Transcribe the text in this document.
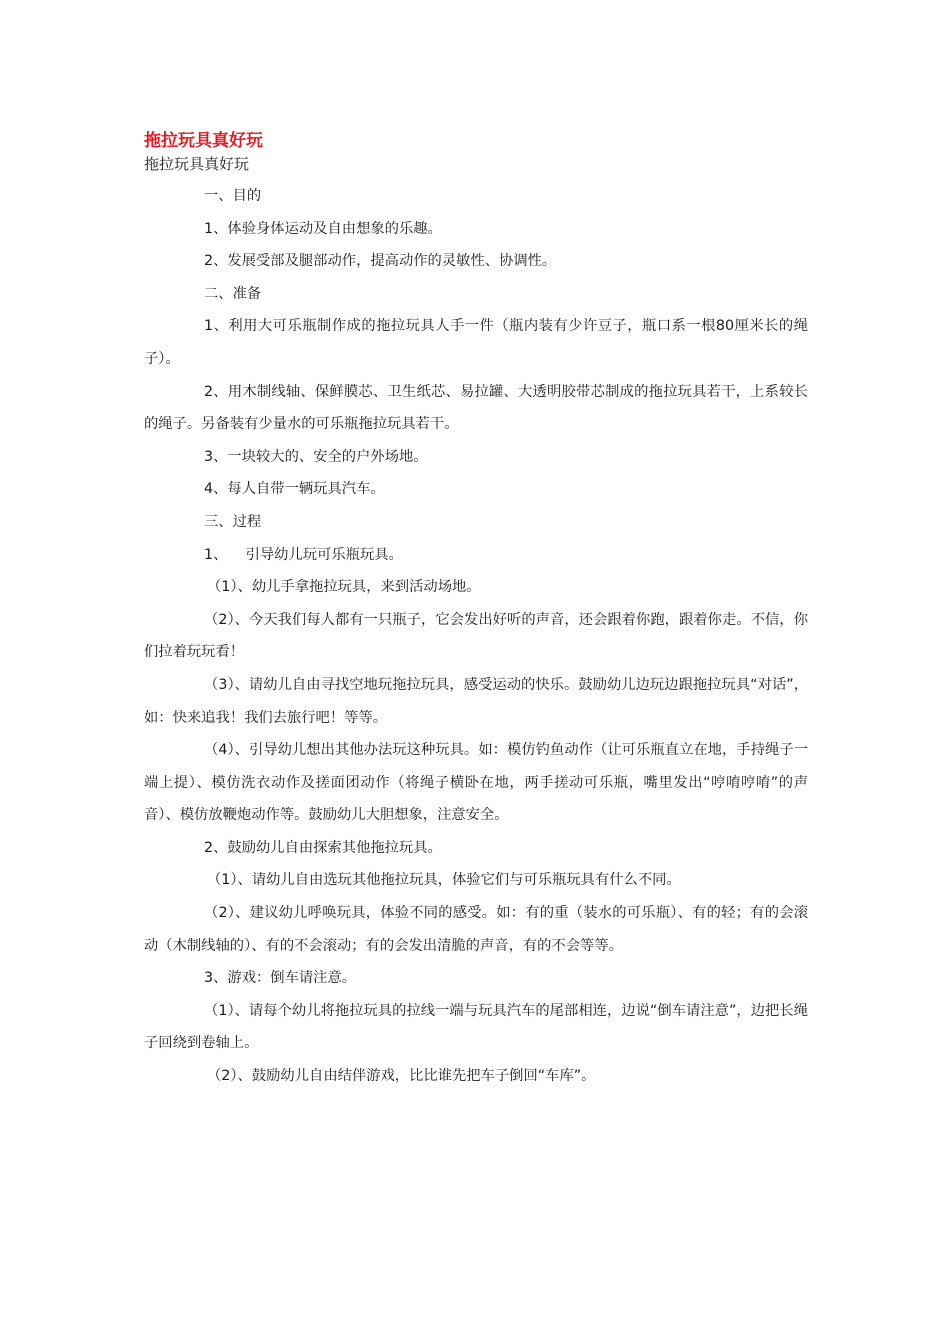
拖拉玩具真好玩
拖拉玩具真好玩

一、目的

1、体验身体运动及自由想象的乐趣。

2、发展受部及腿部动作，提高动作的灵敏性、协调性。

二、准备

1、利用大可乐瓶制作成的拖拉玩具人手一件（瓶内装有少许豆子，瓶口系一根80厘米长的绳子）。

2、用木制线轴、保鲜膜芯、卫生纸芯、易拉罐、大透明胶带芯制成的拖拉玩具若干，上系较长的绳子。另备装有少量水的可乐瓶拖拉玩具若干。

3、一块较大的、安全的户外场地。

4、每人自带一辆玩具汽车。

三、过程

1、    引导幼儿玩可乐瓶玩具。

（1）、幼儿手拿拖拉玩具，来到活动场地。

（2）、今天我们每人都有一只瓶子，它会发出好听的声音，还会跟着你跑，跟着你走。不信，你们拉着玩玩看！

（3）、请幼儿自由寻找空地玩拖拉玩具，感受运动的快乐。鼓励幼儿边玩边跟拖拉玩具“对话”，如：快来追我！我们去旅行吧！等等。

（4）、引导幼儿想出其他办法玩这种玩具。如：模仿钓鱼动作（让可乐瓶直立在地，手持绳子一端上提）、模仿洗衣动作及搓面团动作（将绳子横卧在地，两手搓动可乐瓶，嘴里发出“哼唷哼唷”的声音）、模仿放鞭炮动作等。鼓励幼儿大胆想象，注意安全。

2、鼓励幼儿自由探索其他拖拉玩具。

（1）、请幼儿自由选玩其他拖拉玩具，体验它们与可乐瓶玩具有什么不同。

（2）、建议幼儿呼唤玩具，体验不同的感受。如：有的重（装水的可乐瓶）、有的轻；有的会滚动（木制线轴的）、有的不会滚动；有的会发出清脆的声音，有的不会等等。

3、游戏：倒车请注意。

（1）、请每个幼儿将拖拉玩具的拉线一端与玩具汽车的尾部相连，边说“倒车请注意”，边把长绳子回绕到卷轴上。

（2）、鼓励幼儿自由结伴游戏，比比谁先把车子倒回“车库”。
